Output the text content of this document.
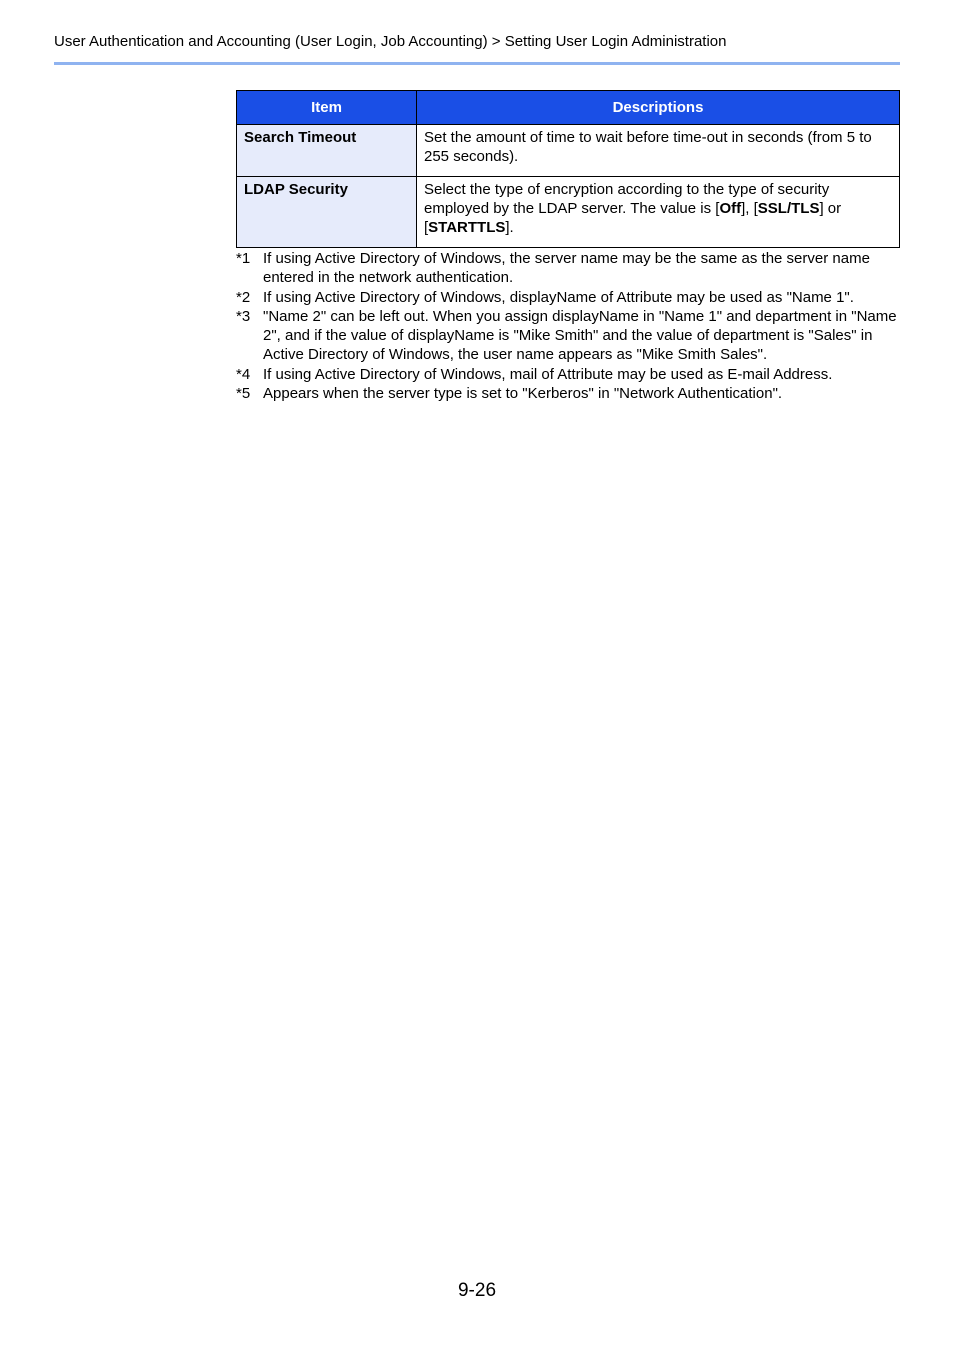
User Authentication and Accounting (User Login, Job Accounting) > Setting User Login Administration
Item	Descriptions
Search Timeout	Set the amount of time to wait before time-out in seconds (from 5 to 255 seconds).
LDAP Security	Select the type of encryption according to the type of security employed by the LDAP server. The value is [Off], [SSL/TLS] or [STARTTLS].
*1 If using Active Directory of Windows, the server name may be the same as the server name entered in the network authentication.
*2 If using Active Directory of Windows, displayName of Attribute may be used as "Name 1".
*3 "Name 2" can be left out. When you assign displayName in "Name 1" and department in "Name 2", and if the value of displayName is "Mike Smith" and the value of department is "Sales" in Active Directory of Windows, the user name appears as "Mike Smith Sales".
*4 If using Active Directory of Windows, mail of Attribute may be used as E-mail Address.
*5 Appears when the server type is set to "Kerberos" in "Network Authentication".
9-26
